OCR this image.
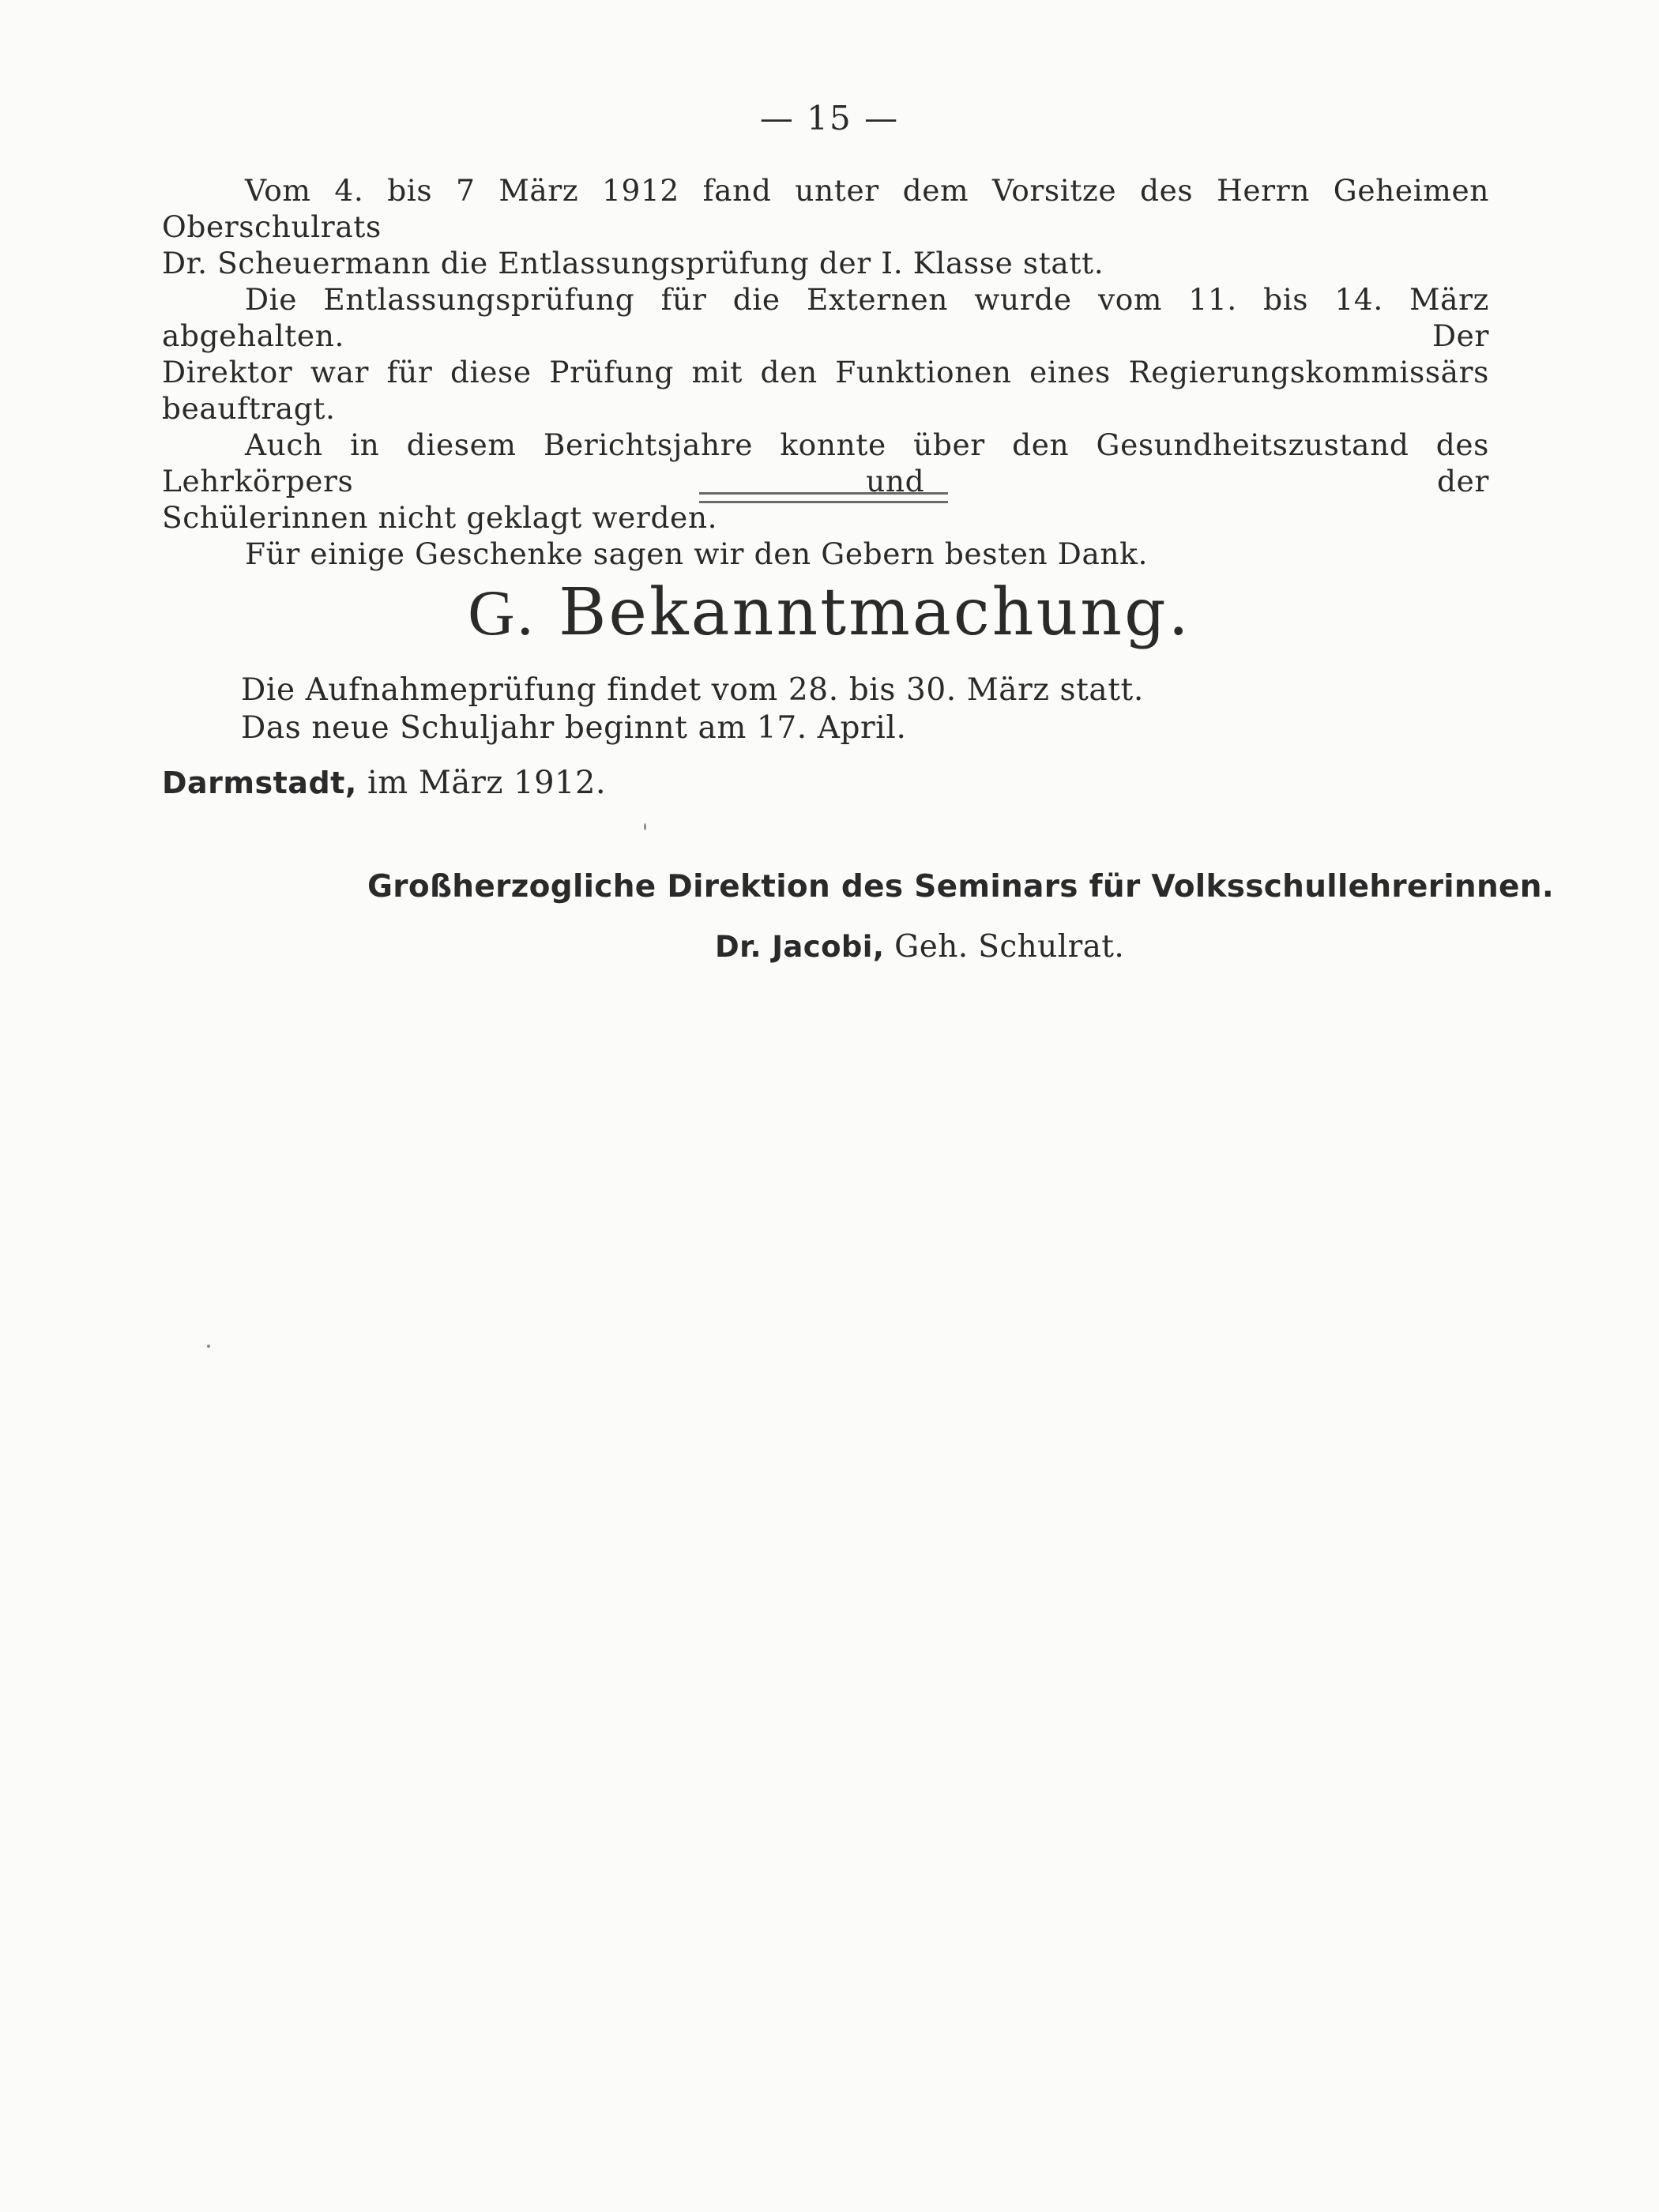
— 15 —

Vom 4. bis 7 März 1912 fand unter dem Vorsitze des Herrn Geheimen Oberschulrats
Dr. Scheuermann die Entlassungsprüfung der I. Klasse statt.

Die Entlassungsprüfung für die Externen wurde vom 11. bis 14. März abgehalten. Der
Direktor war für diese Prüfung mit den Funktionen eines Regierungskommissärs beauftragt.

Auch in diesem Berichtsjahre konnte über den Gesundheitszustand des Lehrkörpers und der
Schülerinnen nicht geklagt werden.

Für einige Geschenke sagen wir den Gebern besten Dank.

G. Bekanntmachung.

Die Aufnahmeprüfung findet vom 28. bis 30. März statt.

Das neue Schuljahr beginnt am 17. April.

Darmstadt, im März 1912.
Großherzogliche Direktion des Seminars für Volksschullehrerinnen.
Dr. Jacobi, Geh. Schulrat.
